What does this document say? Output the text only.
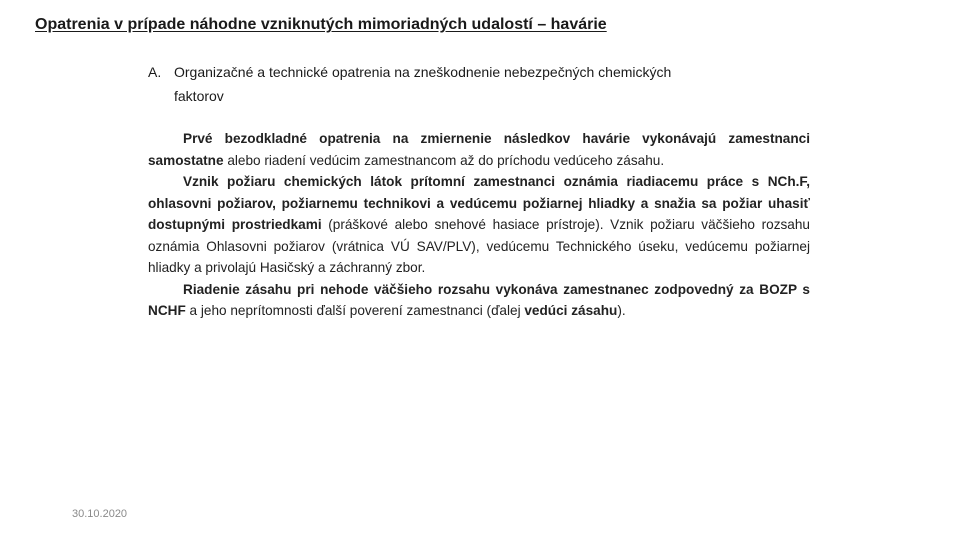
Opatrenia v prípade náhodne vzniknutých mimoriadných udalostí – havárie
A. Organizačné a technické opatrenia na zneškodnenie nebezpečných chemických
faktorov

Prvé bezodkladné opatrenia na zmiernenie následkov havárie vykonávajú zamestnanci samostatne alebo riadení vedúcim zamestnancom až do príchodu vedúceho zásahu.

Vznik požiaru chemických látok prítomní zamestnanci oznámia riadiacemu práce s NCh.F, ohlasovni požiarov, požiarnemu technikovi a vedúcemu požiarnej hliadky a snažia sa požiar uhasiť dostupnými prostriedkami (práškové alebo snehové hasiace prístroje). Vznik požiaru väčšieho rozsahu oznámia Ohlasovni požiarov (vrátnica VÚ SAV/PLV), vedúcemu Technického úseku, vedúcemu požiarnej hliadky a privolajú Hasičský a záchranný zbor.

Riadenie zásahu pri nehode väčšieho rozsahu vykonáva zamestnanec zodpovedný za BOZP s NCHF a jeho neprítomnosti ďalší poverení zamestnanci (ďalej vedúci zásahu).

30.10.2020
